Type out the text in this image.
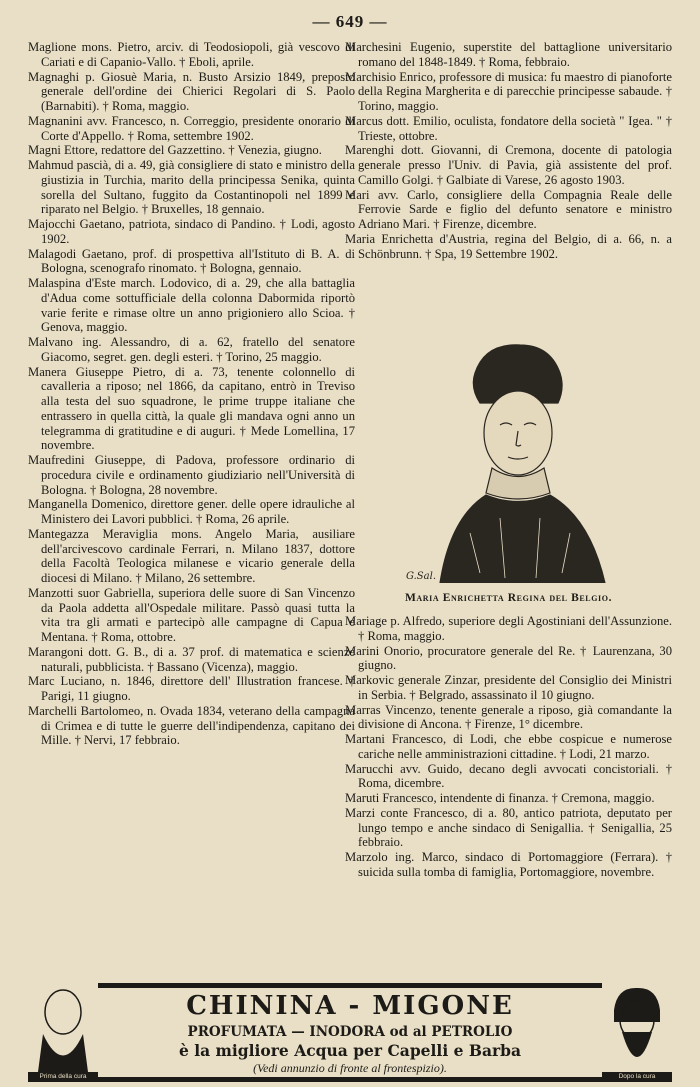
— 649 —

Maglione mons. Pietro, arciv. di Teodosiopoli, già vescovo di Cariati e di Capanio-Vallo. † Eboli, aprile.

Magnaghi p. Giosuè Maria, n. Busto Arsizio 1849, preposto generale dell'ordine dei Chierici Regolari di S. Paolo (Barnabiti). † Roma, maggio.

Magnanini avv. Francesco, n. Correggio, presidente onorario di Corte d'Appello. † Roma, settembre 1902.

Magni Ettore, redattore del Gazzettino. † Venezia, giugno.

Mahmud pascià, di a. 49, già consigliere di stato e ministro della giustizia in Turchia, marito della principessa Senika, quinta sorella del Sultano, fuggito da Costantinopoli nel 1899 e riparato nel Belgio. † Bruxelles, 18 gennaio.

Majocchi Gaetano, patriota, sindaco di Pandino. † Lodi, agosto 1902.

Malagodi Gaetano, prof. di prospettiva all'Istituto di B. A. di Bologna, scenografo rinomato. † Bologna, gennaio.

Malaspina d'Este march. Lodovico, di a. 29, che alla battaglia d'Adua come sottufficiale della colonna Dabormida riportò varie ferite e rimase oltre un anno prigioniero allo Scioa. † Genova, maggio.

Malvano ing. Alessandro, di a. 62, fratello del senatore Giacomo, segret. gen. degli esteri. † Torino, 25 maggio.

Manera Giuseppe Pietro, di a. 73, tenente colonnello di cavalleria a riposo; nel 1866, da capitano, entrò in Treviso alla testa del suo squadrone, le prime truppe italiane che entrassero in quella città, la quale gli mandava ogni anno un telegramma di gratitudine e di auguri. † Mede Lomellina, 17 novembre.

Maufredini Giuseppe, di Padova, professore ordinario di procedura civile e ordinamento giudiziario nell'Università di Bologna. † Bologna, 28 novembre.

Manganella Domenico, direttore gener. delle opere idrauliche al Ministero dei Lavori pubblici. † Roma, 26 aprile.

Mantegazza Meraviglia mons. Angelo Maria, ausiliare dell'arcivescovo cardinale Ferrari, n. Milano 1837, dottore della Facoltà Teologica milanese e vicario generale della diocesi di Milano. † Milano, 26 settembre.

Manzotti suor Gabriella, superiora delle suore di San Vincenzo da Paola addetta all'Ospedale militare. Passò quasi tutta la vita tra gli armati e partecipò alle campagne di Capua e Mentana. † Roma, ottobre.

Marangoni dott. G. B., di a. 37 prof. di matematica e scienze naturali, pubblicista. † Bassano (Vicenza), maggio.

Marc Luciano, n. 1846, direttore dell' Illustration francese. † Parigi, 11 giugno.

Marchelli Bartolomeo, n. Ovada 1834, veterano della campagna di Crimea e di tutte le guerre dell'indipendenza, capitano dei Mille. † Nervi, 17 febbraio.

Marchesini Eugenio, superstite del battaglione universitario romano del 1848-1849. † Roma, febbraio.

Marchisio Enrico, professore di musica: fu maestro di pianoforte della Regina Margherita e di parecchie principesse sabaude. † Torino, maggio.

Marcus dott. Emilio, oculista, fondatore della società " Igea. " † Trieste, ottobre.

Marenghi dott. Giovanni, di Cremona, docente di patologia generale presso l'Univ. di Pavia, già assistente del prof. Camillo Golgi. † Galbiate di Varese, 26 agosto 1903.

Mari avv. Carlo, consigliere della Compagnia Reale delle Ferrovie Sarde e figlio del defunto senatore e ministro Adriano Mari. † Firenze, dicembre.

Maria Enrichetta d'Austria, regina del Belgio, di a. 66, n. a Schönbrunn. † Spa, 19 Settembre 1902.

G.Sal.
Maria Enrichetta Regina del Belgio.

Mariage p. Alfredo, superiore degli Agostiniani dell'Assunzione. † Roma, maggio.

Marini Onorio, procuratore generale del Re. † Laurenzana, 30 giugno.

Markovic generale Zinzar, presidente del Consiglio dei Ministri in Serbia. † Belgrado, assassinato il 10 giugno.

Marras Vincenzo, tenente generale a riposo, già comandante la divisione di Ancona. † Firenze, 1° dicembre.

Martani Francesco, di Lodi, che ebbe cospicue e numerose cariche nelle amministrazioni cittadine. † Lodi, 21 marzo.

Marucchi avv. Guido, decano degli avvocati concistoriali. † Roma, dicembre.

Maruti Francesco, intendente di finanza. † Cremona, maggio.

Marzi conte Francesco, di a. 80, antico patriota, deputato per lungo tempo e anche sindaco di Senigallia. † Senigallia, 25 febbraio.

Marzolo ing. Marco, sindaco di Portomaggiore (Ferrara). † suicida sulla tomba di famiglia, Portomaggiore, novembre.

Prima della cura
CHININA - MIGONE
PROFUMATA — INODORA od al PETROLIO
è la migliore Acqua per Capelli e Barba
(Vedi annunzio di fronte al frontespizio).
Dopo la cura
